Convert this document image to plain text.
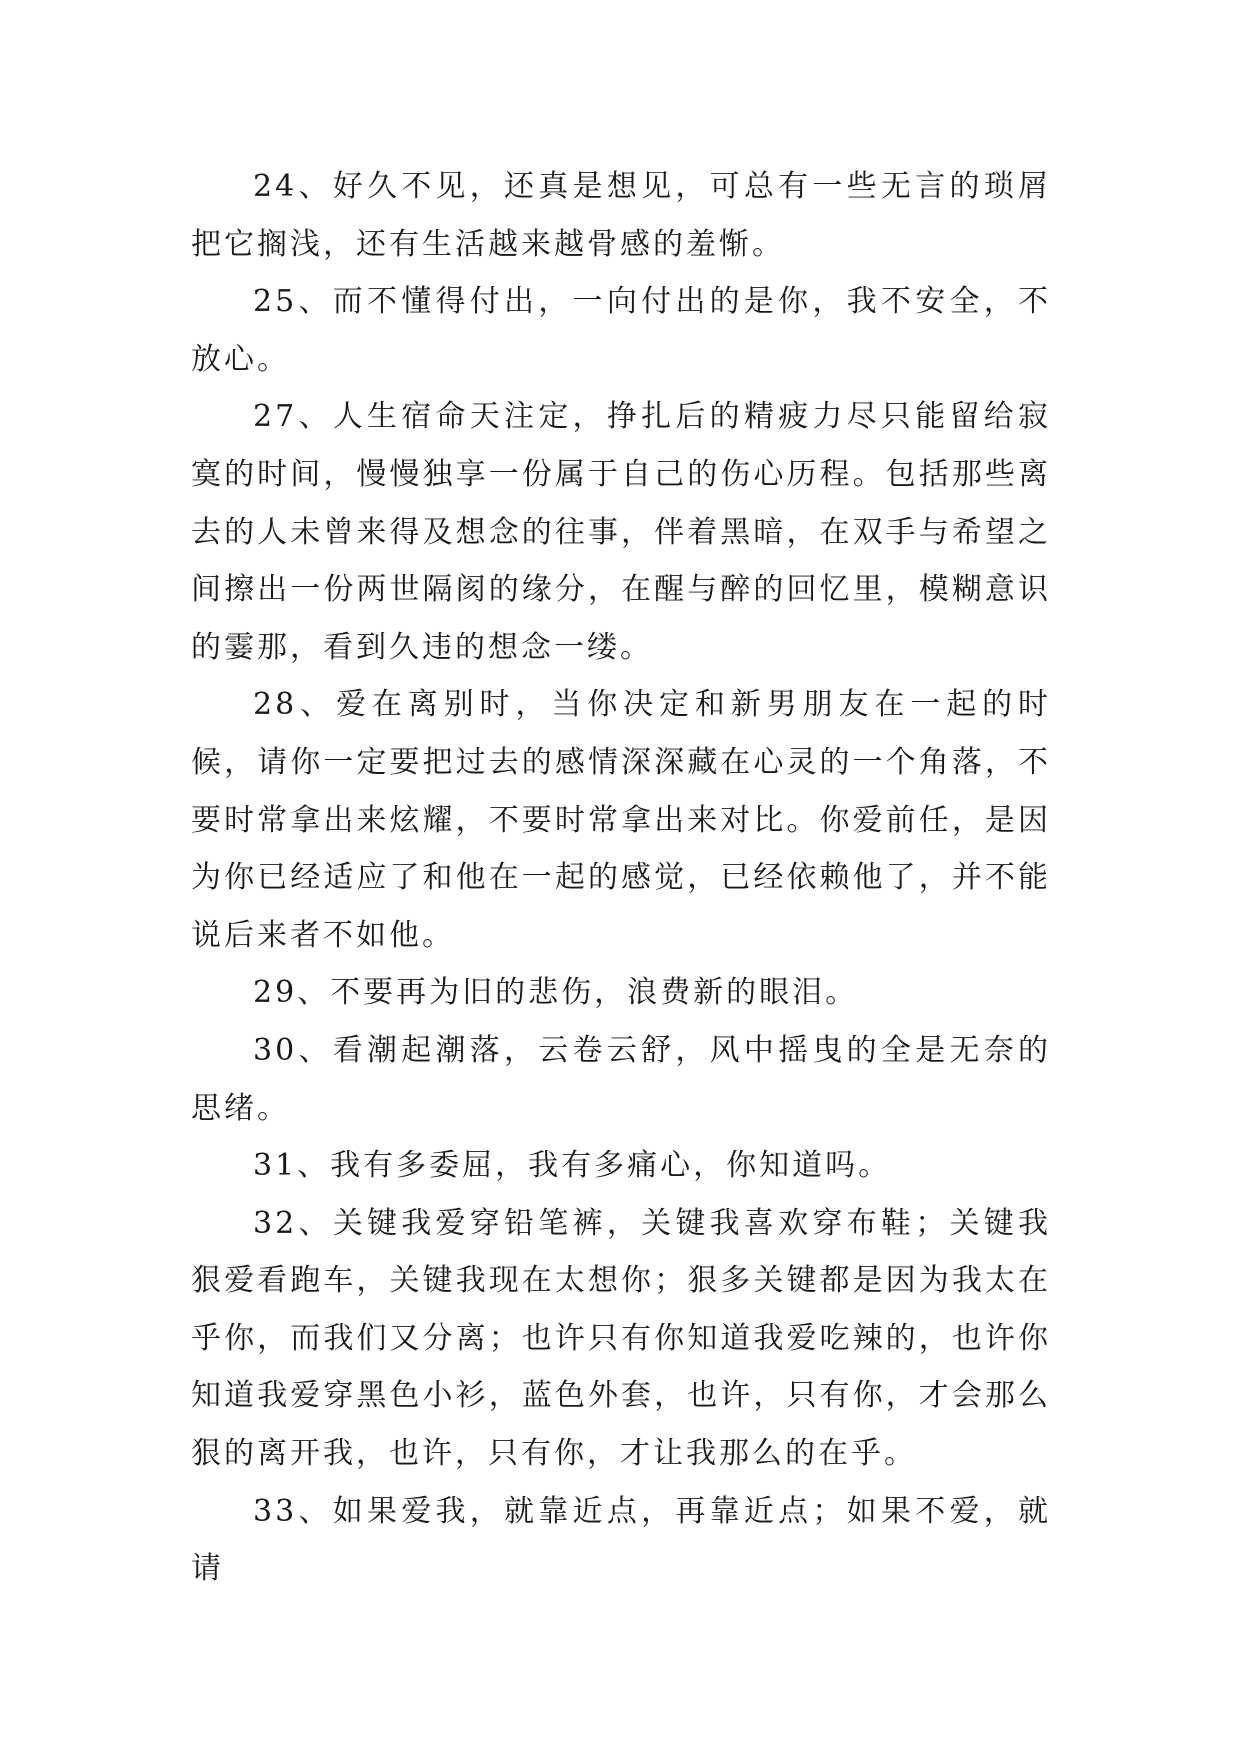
24、好久不见，还真是想见，可总有一些无言的琐屑把它搁浅，还有生活越来越骨感的羞惭。

25、而不懂得付出，一向付出的是你，我不安全，不放心。

27、人生宿命天注定，挣扎后的精疲力尽只能留给寂寞的时间，慢慢独享一份属于自己的伤心历程。包括那些离去的人未曾来得及想念的往事，伴着黑暗，在双手与希望之间擦出一份两世隔阂的缘分，在醒与醉的回忆里，模糊意识的霎那，看到久违的想念一缕。

28、爱在离别时，当你决定和新男朋友在一起的时候，请你一定要把过去的感情深深藏在心灵的一个角落，不要时常拿出来炫耀，不要时常拿出来对比。你爱前任，是因为你已经适应了和他在一起的感觉，已经依赖他了，并不能说后来者不如他。

29、不要再为旧的悲伤，浪费新的眼泪。

30、看潮起潮落，云卷云舒，风中摇曳的全是无奈的思绪。

31、我有多委屈，我有多痛心，你知道吗。

32、关键我爱穿铅笔裤，关键我喜欢穿布鞋；关键我狠爱看跑车，关键我现在太想你；狠多关键都是因为我太在乎你，而我们又分离；也许只有你知道我爱吃辣的，也许你知道我爱穿黑色小衫，蓝色外套，也许，只有你，才会那么狠的离开我，也许，只有你，才让我那么的在乎。

33、如果爱我，就靠近点，再靠近点；如果不爱，就请
